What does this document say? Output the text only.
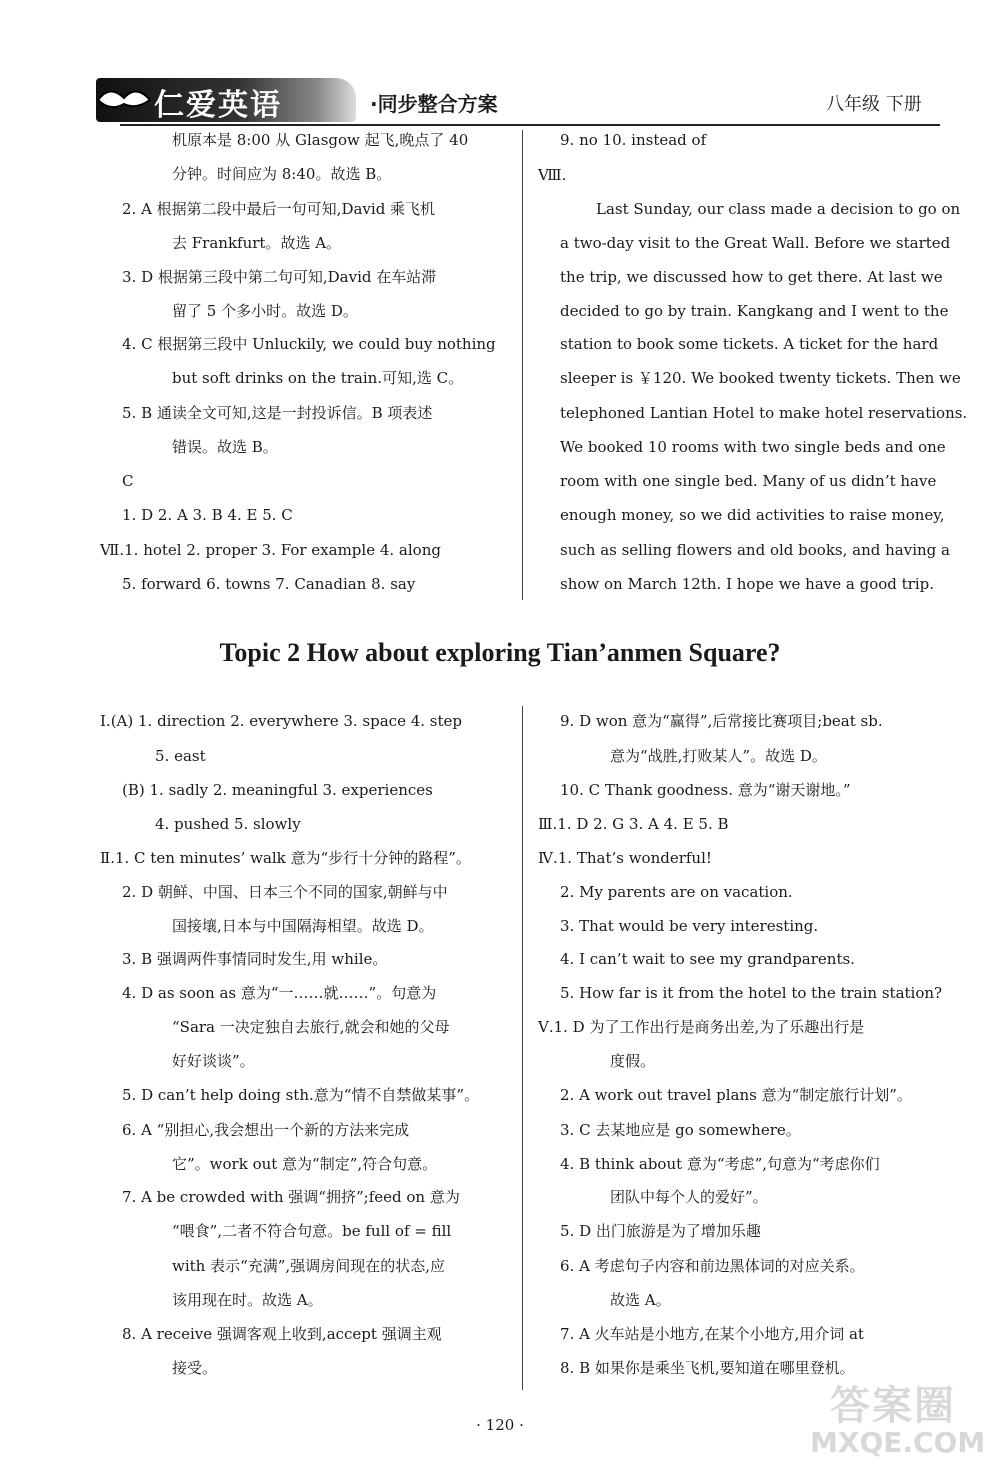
仁爱英语	·同步整合方案	八年级 下册
机原本是 8:00 从 Glasgow 起飞,晚点了 40
分钟。时间应为 8:40。故选 B。
2. A 根据第二段中最后一句可知,David 乘飞机
去 Frankfurt。故选 A。
3. D 根据第三段中第二句可知,David 在车站滞
留了 5 个多小时。故选 D。
4. C 根据第三段中 Unluckily, we could buy nothing
but soft drinks on the train.可知,选 C。
5. B 通读全文可知,这是一封投诉信。B 项表述
错误。故选 B。
C
1. D 2. A 3. B 4. E 5. C
Ⅶ.1. hotel 2. proper 3. For example 4. along
5. forward 6. towns 7. Canadian 8. say
9. no 10. instead of
Ⅷ.
Last Sunday, our class made a decision to go on
a two-day visit to the Great Wall. Before we started
the trip, we discussed how to get there. At last we
decided to go by train. Kangkang and I went to the
station to book some tickets. A ticket for the hard
sleeper is ￥120. We booked twenty tickets. Then we
telephoned Lantian Hotel to make hotel reservations.
We booked 10 rooms with two single beds and one
room with one single bed. Many of us didn’t have
enough money, so we did activities to raise money,
such as selling flowers and old books, and having a
show on March 12th. I hope we have a good trip.
Topic 2 How about exploring Tian’anmen Square?
Ⅰ.(A) 1. direction 2. everywhere 3. space 4. step
5. east
(B) 1. sadly 2. meaningful 3. experiences
4. pushed 5. slowly
Ⅱ.1. C ten minutes’ walk 意为“步行十分钟的路程”。
2. D 朝鲜、中国、日本三个不同的国家,朝鲜与中
国接壤,日本与中国隔海相望。故选 D。
3. B 强调两件事情同时发生,用 while。
4. D as soon as 意为“一……就……”。句意为
“Sara 一决定独自去旅行,就会和她的父母
好好谈谈”。
5. D can’t help doing sth.意为“情不自禁做某事”。
6. A “别担心,我会想出一个新的方法来完成
它”。work out 意为“制定”,符合句意。
7. A be crowded with 强调“拥挤”;feed on 意为
“喂食”,二者不符合句意。be full of = fill
with 表示“充满”,强调房间现在的状态,应
该用现在时。故选 A。
8. A receive 强调客观上收到,accept 强调主观
接受。
9. D won 意为“赢得”,后常接比赛项目;beat sb.
意为“战胜,打败某人”。故选 D。
10. C Thank goodness. 意为“谢天谢地。”
Ⅲ.1. D 2. G 3. A 4. E 5. B
Ⅳ.1. That’s wonderful!
2. My parents are on vacation.
3. That would be very interesting.
4. I can’t wait to see my grandparents.
5. How far is it from the hotel to the train station?
Ⅴ.1. D 为了工作出行是商务出差,为了乐趣出行是
度假。
2. A work out travel plans 意为“制定旅行计划”。
3. C 去某地应是 go somewhere。
4. B think about 意为“考虑”,句意为“考虑你们
团队中每个人的爱好”。
5. D 出门旅游是为了增加乐趣
6. A 考虑句子内容和前边黑体词的对应关系。
故选 A。
7. A 火车站是小地方,在某个小地方,用介词 at
8. B 如果你是乘坐飞机,要知道在哪里登机。
· 120 ·	答案圈
MXQE.COM
